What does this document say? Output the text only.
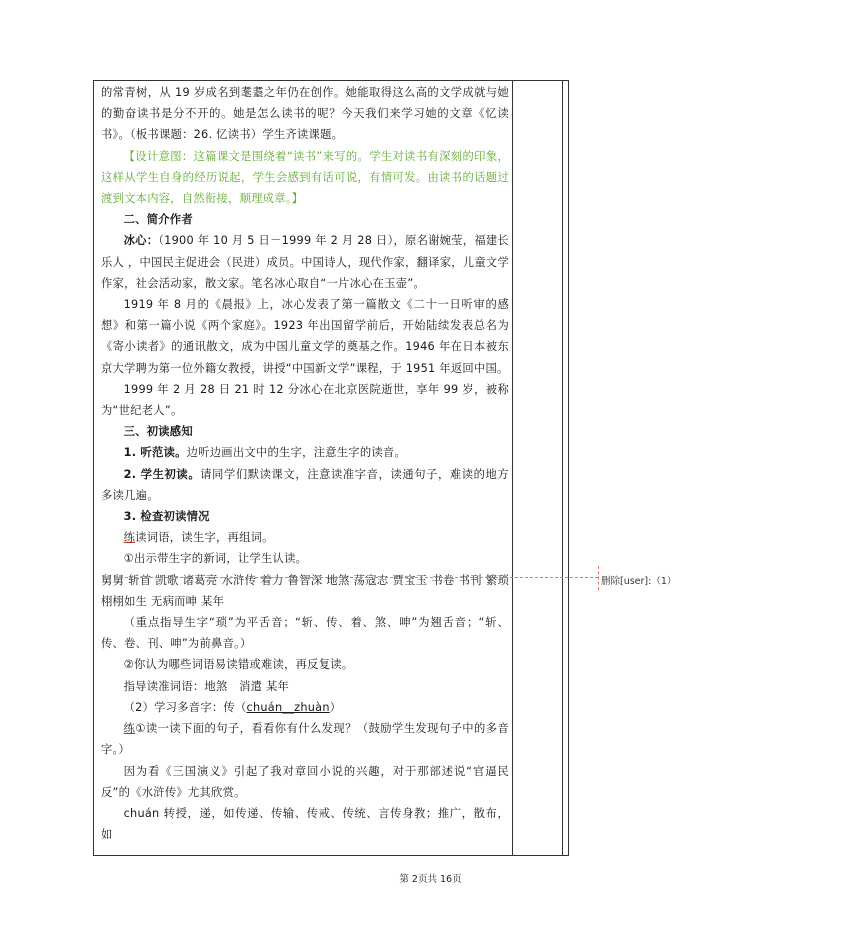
的常青树，从 19 岁成名到耄耋之年仍在创作。她能取得这么高的文学成就与她的勤奋读书是分不开的。她是怎么读书的呢？今天我们来学习她的文章《忆读书》。（板书课题：26. 忆读书）学生齐读课题。

【设计意图：这篇课文是围绕着“读书”来写的。学生对读书有深刻的印象，这样从学生自身的经历说起，学生会感到有话可说，有情可发。由读书的话题过渡到文本内容，自然衔接，顺理成章。】

二、简介作者

冰心：（1900 年 10 月 5 日－1999 年 2 月 28 日），原名谢婉莹，福建长乐人 ，中国民主促进会（民进）成员。中国诗人，现代作家，翻译家，儿童文学作家，社会活动家，散文家。笔名冰心取自“一片冰心在玉壶”。

1919 年 8 月的《晨报》上，冰心发表了第一篇散文《二十一日听审的感想》和第一篇小说《两个家庭》。1923 年出国留学前后，开始陆续发表总名为《寄小读者》的通讯散文，成为中国儿童文学的奠基之作。1946 年在日本被东京大学聘为第一位外籍女教授，讲授“中国新文学”课程，于 1951 年返回中国。

1999 年 2 月 28 日 21 时 12 分冰心在北京医院逝世，享年 99 岁，被称为“世纪老人”。

三、初读感知

1. 听范读。边听边画出文中的生字，注意生字的读音。

2. 学生初读。请同学们默读课文，注意读准字音，读通句子，难读的地方多读几遍。

3. 检查初读情况

练读词语，读生字，再组词。

①出示带生字的新词，让学生认读。

舅舅 斩首 凯歌 诸葛亮 水浒传 着力 鲁智深 地煞 荡寇志 贾宝玉 书卷 书刊 繁琐 栩栩如生 无病而呻 某年

（重点指导生字“琐”为平舌音；“斩、传、着、煞、呻”为翘舌音；“斩、传、卷、刊、呻”为前鼻音。）

②你认为哪些词语易读错或难读，再反复读。

指导读准词语：地煞　消遣 某年

（2）学习多音字：传（chuán__zhuàn）

练①读一读下面的句子，看看你有什么发现？（鼓励学生发现句子中的多音字。）

因为看《三国演义》引起了我对章回小说的兴趣，对于那部述说“官逼民反”的《水浒传》尤其欣赏。

chuán 转授，递，如传递、传输、传戒、传统、言传身教；推广，散布，如

删除[user]:（1）
第 2页共 16页
